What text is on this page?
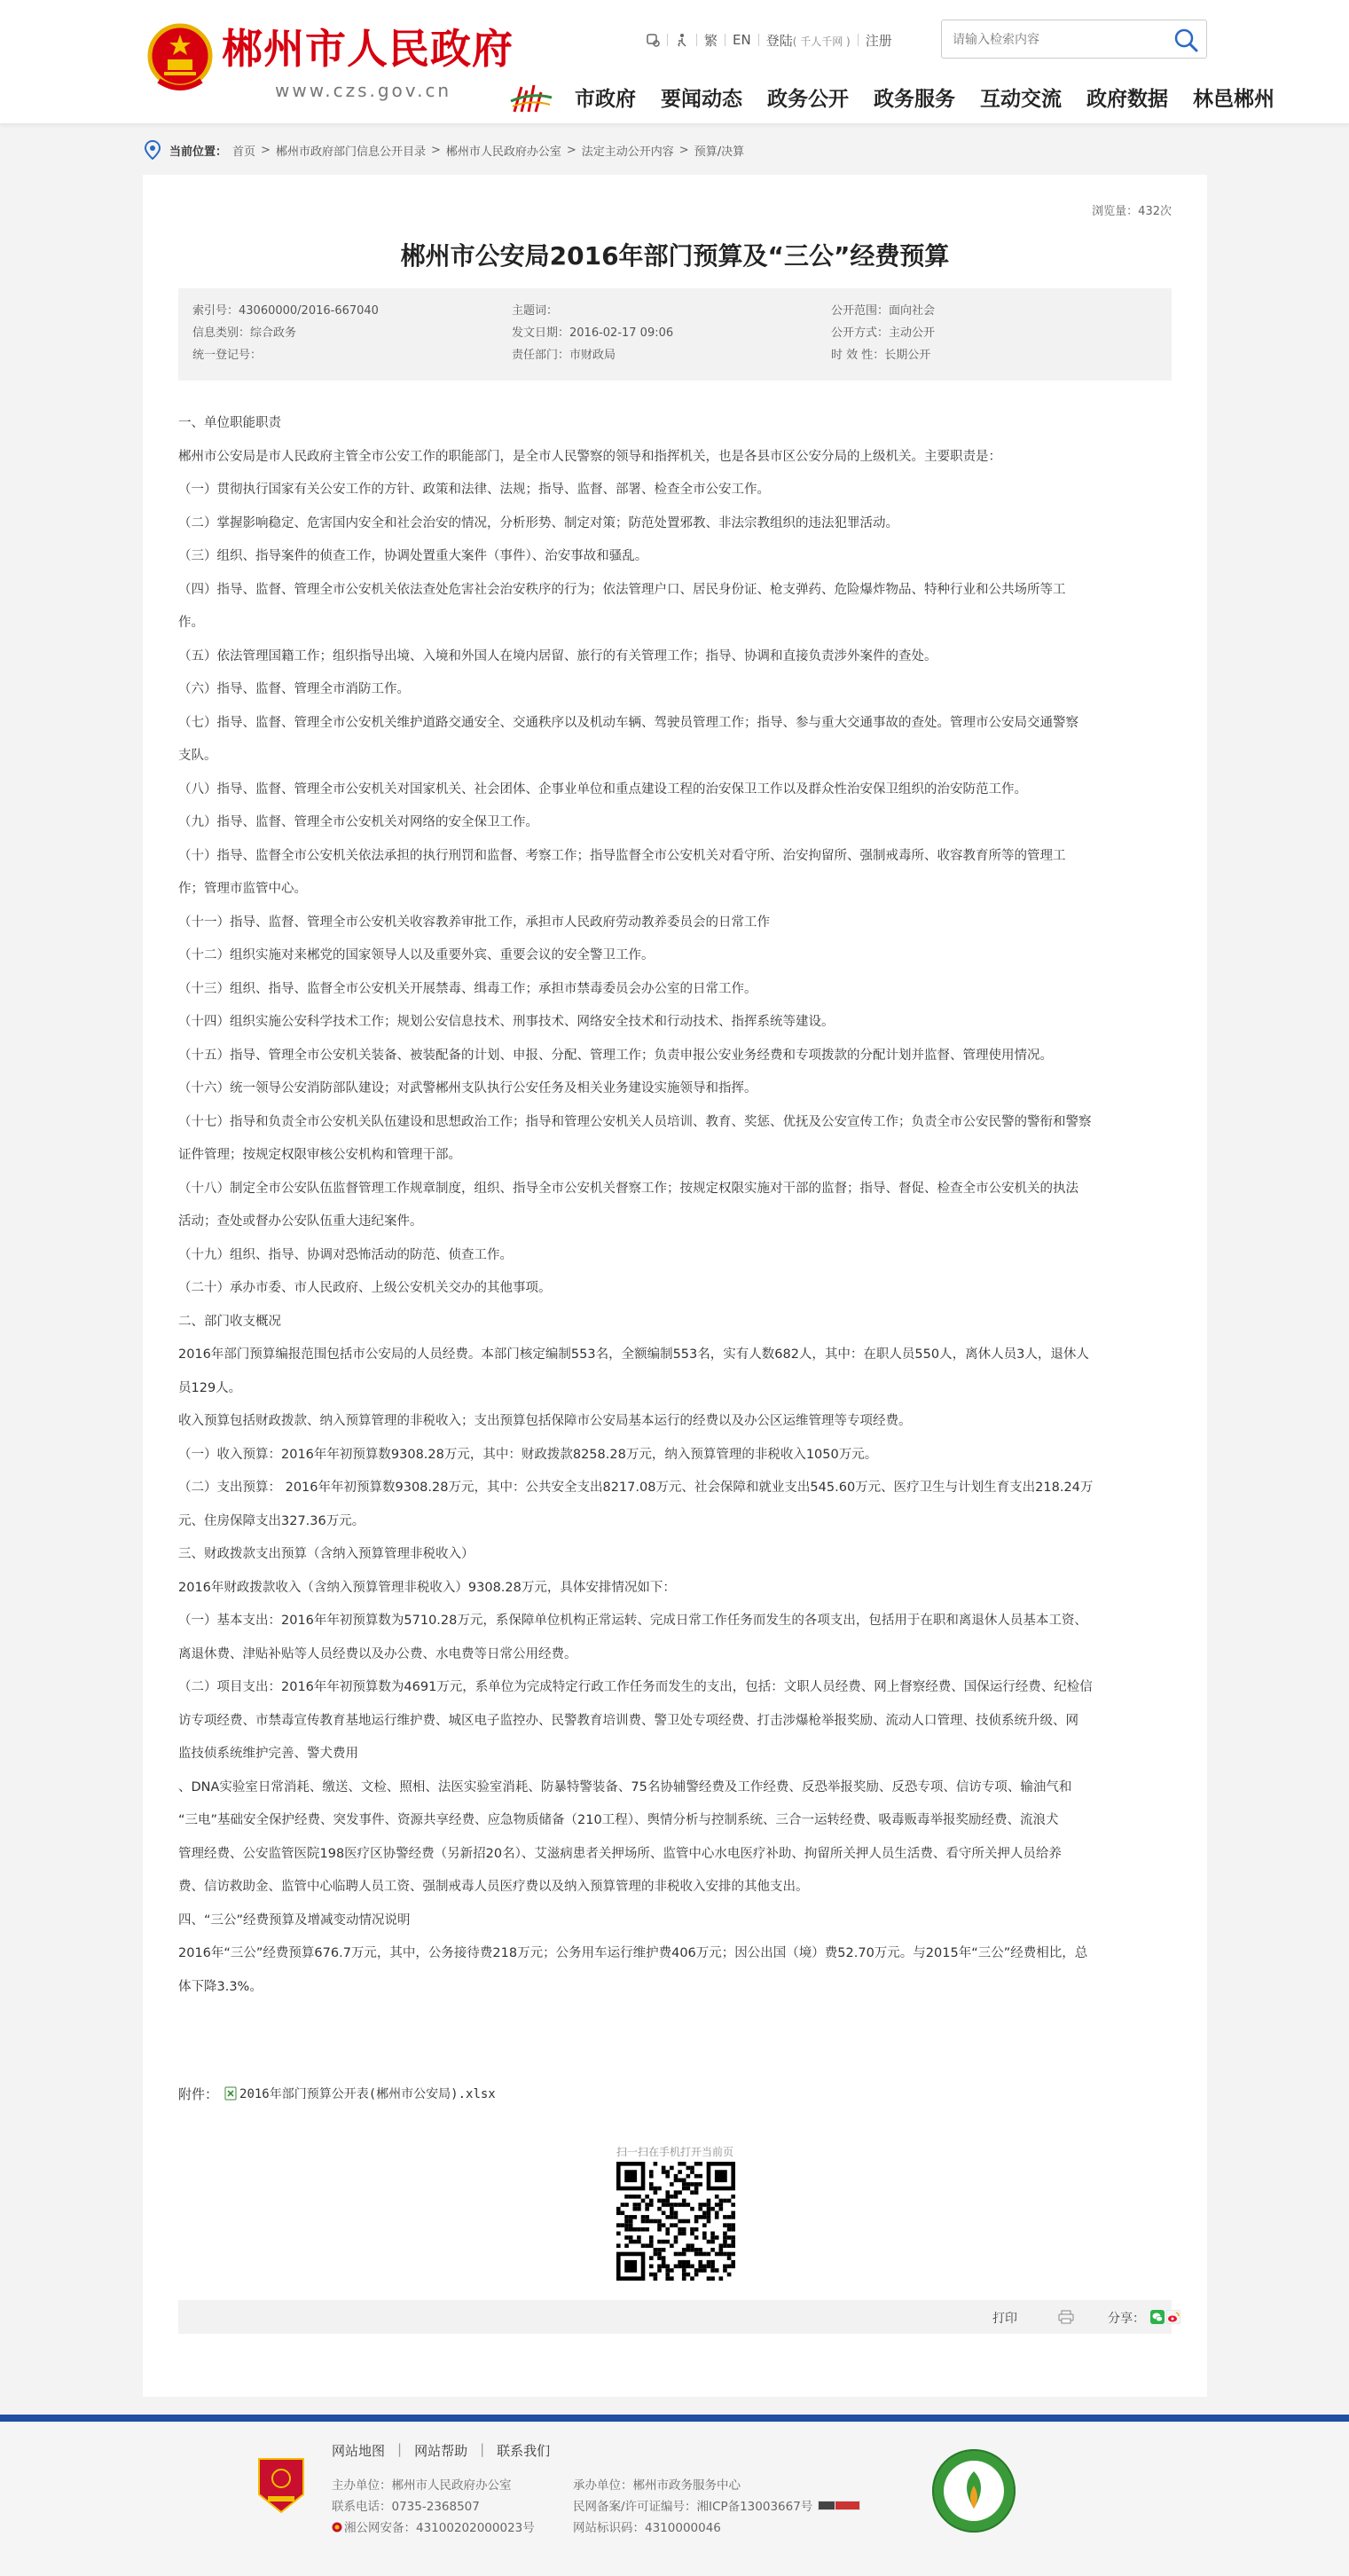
郴州市人民政府
www.czs.gov.cn
繁 EN 登陆( 千人千网 ) 注册
请输入检索内容
市政府 要闻动态 政务公开 政务服务 互动交流 政府数据 林邑郴州
当前位置： 首页 > 郴州市政府部门信息公开目录 > 郴州市人民政府办公室 > 法定主动公开内容 > 预算/决算
浏览量：432次
郴州市公安局2016年部门预算及“三公”经费预算
索引号：43060000/2016-667040	主题词：	公开范围：面向社会
信息类别：综合政务	发文日期：2016-02-17 09:06	公开方式：主动公开
统一登记号：	责任部门：市财政局	时 效 性：长期公开

一、单位职能职责

郴州市公安局是市人民政府主管全市公安工作的职能部门，是全市人民警察的领导和指挥机关，也是各县市区公安分局的上级机关。主要职责是：

（一）贯彻执行国家有关公安工作的方针、政策和法律、法规；指导、监督、部署、检查全市公安工作。

（二）掌握影响稳定、危害国内安全和社会治安的情况，分析形势、制定对策；防范处置邪教、非法宗教组织的违法犯罪活动。

（三）组织、指导案件的侦查工作，协调处置重大案件（事件）、治安事故和骚乱。

（四）指导、监督、管理全市公安机关依法查处危害社会治安秩序的行为；依法管理户口、居民身份证、枪支弹药、危险爆炸物品、特种行业和公共场所等工

作。

（五）依法管理国籍工作；组织指导出境、入境和外国人在境内居留、旅行的有关管理工作；指导、协调和直接负责涉外案件的查处。

（六）指导、监督、管理全市消防工作。

（七）指导、监督、管理全市公安机关维护道路交通安全、交通秩序以及机动车辆、驾驶员管理工作；指导、参与重大交通事故的查处。管理市公安局交通警察

支队。

（八）指导、监督、管理全市公安机关对国家机关、社会团体、企事业单位和重点建设工程的治安保卫工作以及群众性治安保卫组织的治安防范工作。

（九）指导、监督、管理全市公安机关对网络的安全保卫工作。

（十）指导、监督全市公安机关依法承担的执行刑罚和监督、考察工作；指导监督全市公安机关对看守所、治安拘留所、强制戒毒所、收容教育所等的管理工

作；管理市监管中心。

（十一）指导、监督、管理全市公安机关收容教养审批工作，承担市人民政府劳动教养委员会的日常工作

（十二）组织实施对来郴党的国家领导人以及重要外宾、重要会议的安全警卫工作。

（十三）组织、指导、监督全市公安机关开展禁毒、缉毒工作；承担市禁毒委员会办公室的日常工作。

（十四）组织实施公安科学技术工作；规划公安信息技术、刑事技术、网络安全技术和行动技术、指挥系统等建设。

（十五）指导、管理全市公安机关装备、被装配备的计划、申报、分配、管理工作；负责申报公安业务经费和专项拨款的分配计划并监督、管理使用情况。

（十六）统一领导公安消防部队建设；对武警郴州支队执行公安任务及相关业务建设实施领导和指挥。

（十七）指导和负责全市公安机关队伍建设和思想政治工作；指导和管理公安机关人员培训、教育、奖惩、优抚及公安宣传工作；负责全市公安民警的警衔和警察

证件管理；按规定权限审核公安机构和管理干部。

（十八）制定全市公安队伍监督管理工作规章制度，组织、指导全市公安机关督察工作；按规定权限实施对干部的监督；指导、督促、检查全市公安机关的执法

活动；查处或督办公安队伍重大违纪案件。

（十九）组织、指导、协调对恐怖活动的防范、侦查工作。

（二十）承办市委、市人民政府、上级公安机关交办的其他事项。

二、部门收支概况

2016年部门预算编报范围包括市公安局的人员经费。本部门核定编制553名，全额编制553名，实有人数682人，其中：在职人员550人，离休人员3人，退休人

员129人。

收入预算包括财政拨款、纳入预算管理的非税收入；支出预算包括保障市公安局基本运行的经费以及办公区运维管理等专项经费。

（一）收入预算：2016年年初预算数9308.28万元，其中：财政拨款8258.28万元，纳入预算管理的非税收入1050万元。

（二）支出预算： 2016年年初预算数9308.28万元，其中：公共安全支出8217.08万元、社会保障和就业支出545.60万元、医疗卫生与计划生育支出218.24万

元、住房保障支出327.36万元。

三、财政拨款支出预算（含纳入预算管理非税收入）

2016年财政拨款收入（含纳入预算管理非税收入）9308.28万元，具体安排情况如下：

（一）基本支出：2016年年初预算数为5710.28万元，系保障单位机构正常运转、完成日常工作任务而发生的各项支出，包括用于在职和离退休人员基本工资、

离退休费、津贴补贴等人员经费以及办公费、水电费等日常公用经费。

（二）项目支出：2016年年初预算数为4691万元，系单位为完成特定行政工作任务而发生的支出，包括：文职人员经费、网上督察经费、国保运行经费、纪检信

访专项经费、市禁毒宣传教育基地运行维护费、城区电子监控办、民警教育培训费、警卫处专项经费、打击涉爆枪举报奖励、流动人口管理、技侦系统升级、网

监技侦系统维护完善、警犬费用

、DNA实验室日常消耗、缴送、文检、照相、法医实验室消耗、防暴特警装备、75名协辅警经费及工作经费、反恐举报奖励、反恐专项、信访专项、输油气和

“三电”基础安全保护经费、突发事件、资源共享经费、应急物质储备（210工程）、舆情分析与控制系统、三合一运转经费、吸毒贩毒举报奖励经费、流浪犬

管理经费、公安监管医院198医疗区协警经费（另新招20名）、艾滋病患者关押场所、监管中心水电医疗补助、拘留所关押人员生活费、看守所关押人员给养

费、信访救助金、监管中心临聘人员工资、强制戒毒人员医疗费以及纳入预算管理的非税收入安排的其他支出。

四、“三公”经费预算及增减变动情况说明

2016年“三公”经费预算676.7万元，其中，公务接待费218万元；公务用车运行维护费406万元；因公出国（境）费52.70万元。与2015年“三公”经费相比，总

体下降3.3%。

附件： 2016年部门预算公开表(郴州市公安局).xlsx
扫一扫在手机打开当前页
打印	分享：
网站地图 | 网站帮助 | 联系我们
主办单位：郴州市人民政府办公室	承办单位：郴州市政务服务中心
联系电话：0735-2368507	民网备案/许可证编号：湘ICP备13003667号
湘公网安备：43100202000023号	网站标识码：4310000046
